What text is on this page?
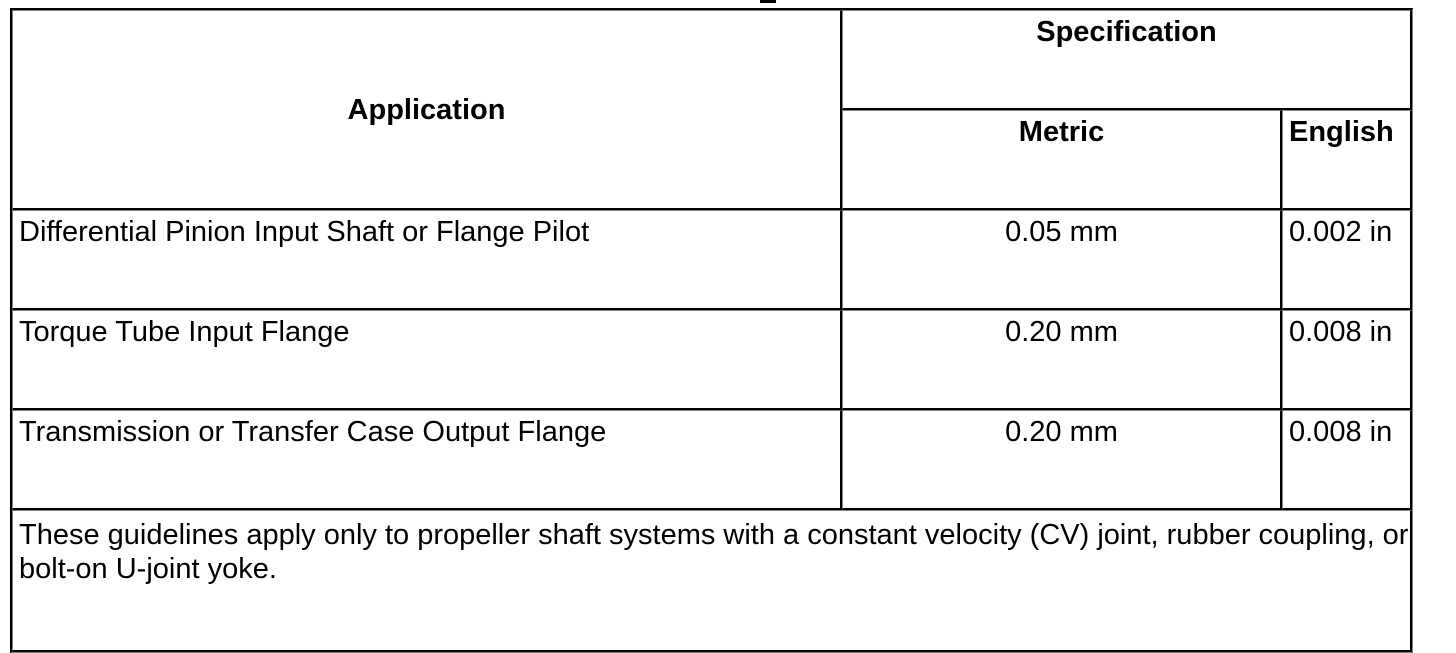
Application	Specification	
	Metric	English
Differential Pinion Input Shaft or Flange Pilot	0.05 mm	0.002 in
Torque Tube Input Flange	0.20 mm	0.008 in
Transmission or Transfer Case Output Flange	0.20 mm	0.008 in
These guidelines apply only to propeller shaft systems with a constant velocity (CV) joint, rubber coupling, or bolt-on U-joint yoke.		
